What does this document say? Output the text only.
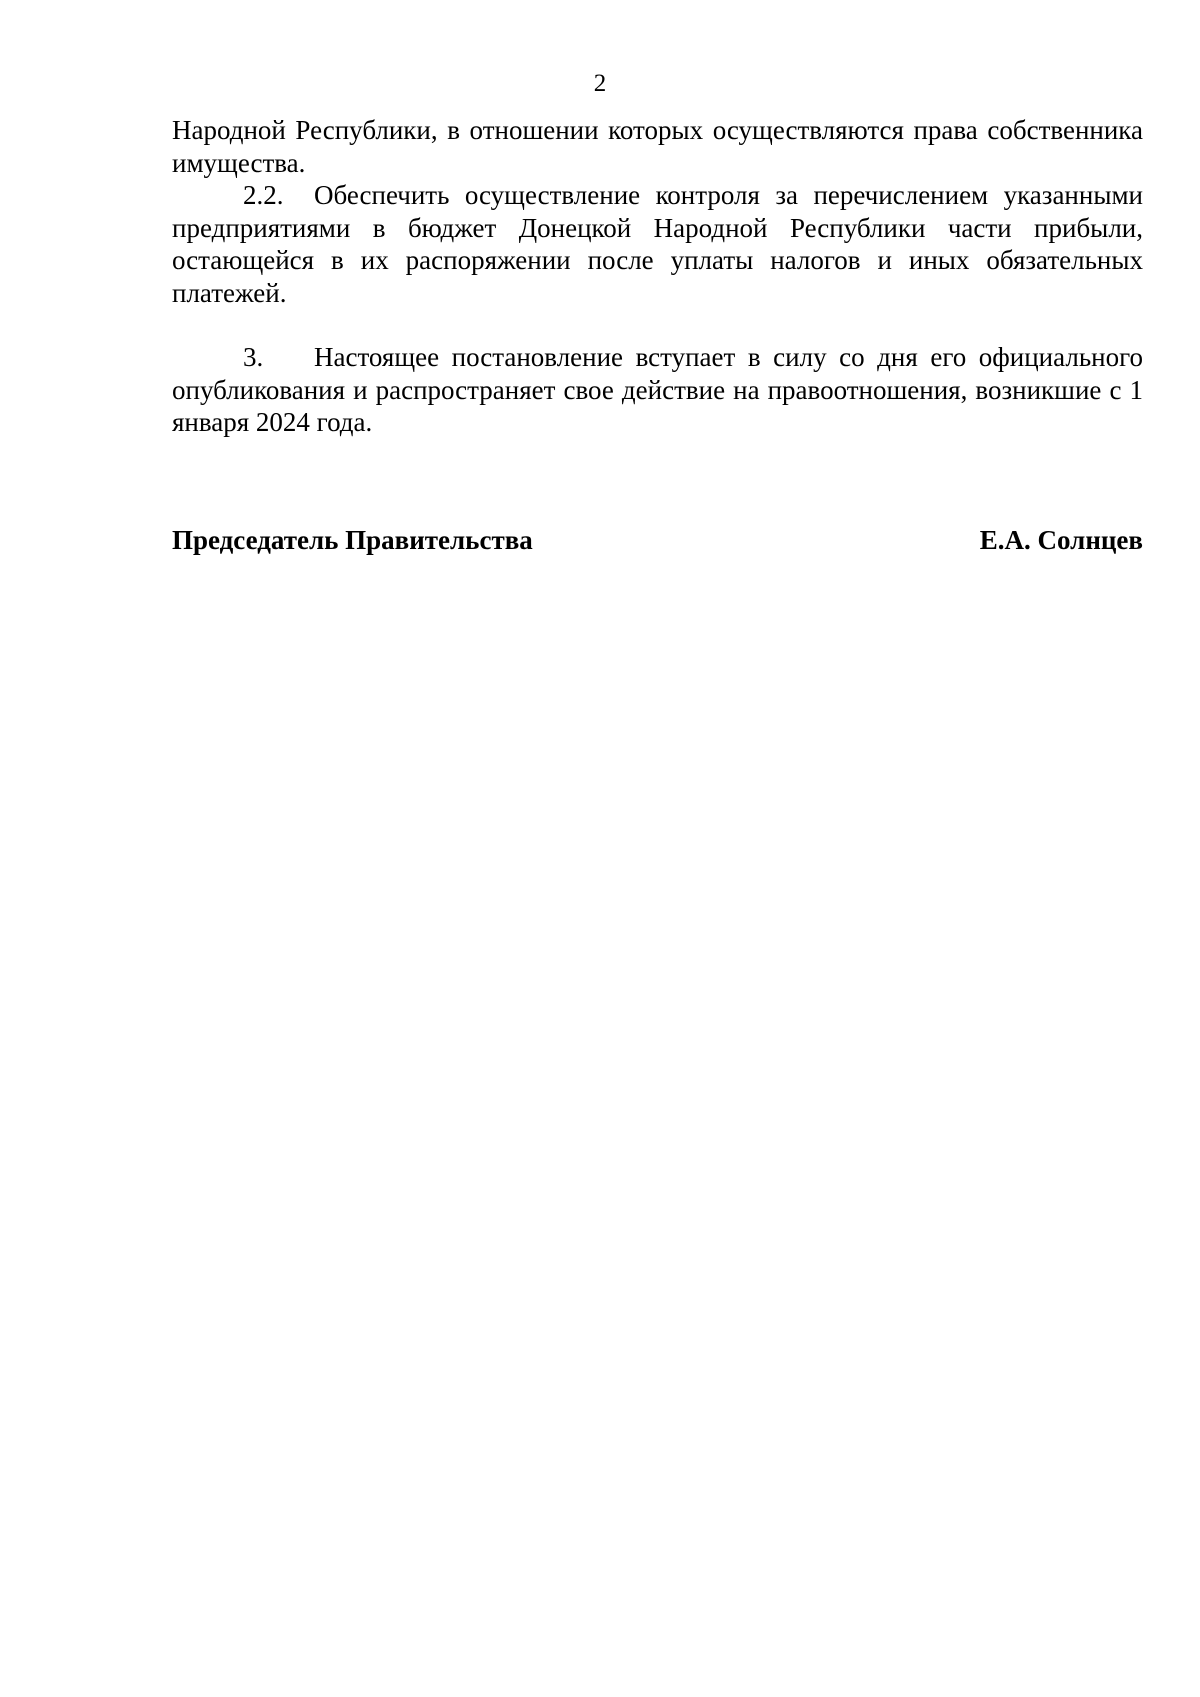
2

Народной Республики, в отношении которых осуществляются права собственника имущества.

2.2. Обеспечить осуществление контроля за перечислением указанными предприятиями в бюджет Донецкой Народной Республики части прибыли, остающейся в их распоряжении после уплаты налогов и иных обязательных платежей.

3. Настоящее постановление вступает в силу со дня его официального опубликования и распространяет свое действие на правоотношения, возникшие с 1 января 2024 года.

Председатель Правительства	Е.А. Солнцев
